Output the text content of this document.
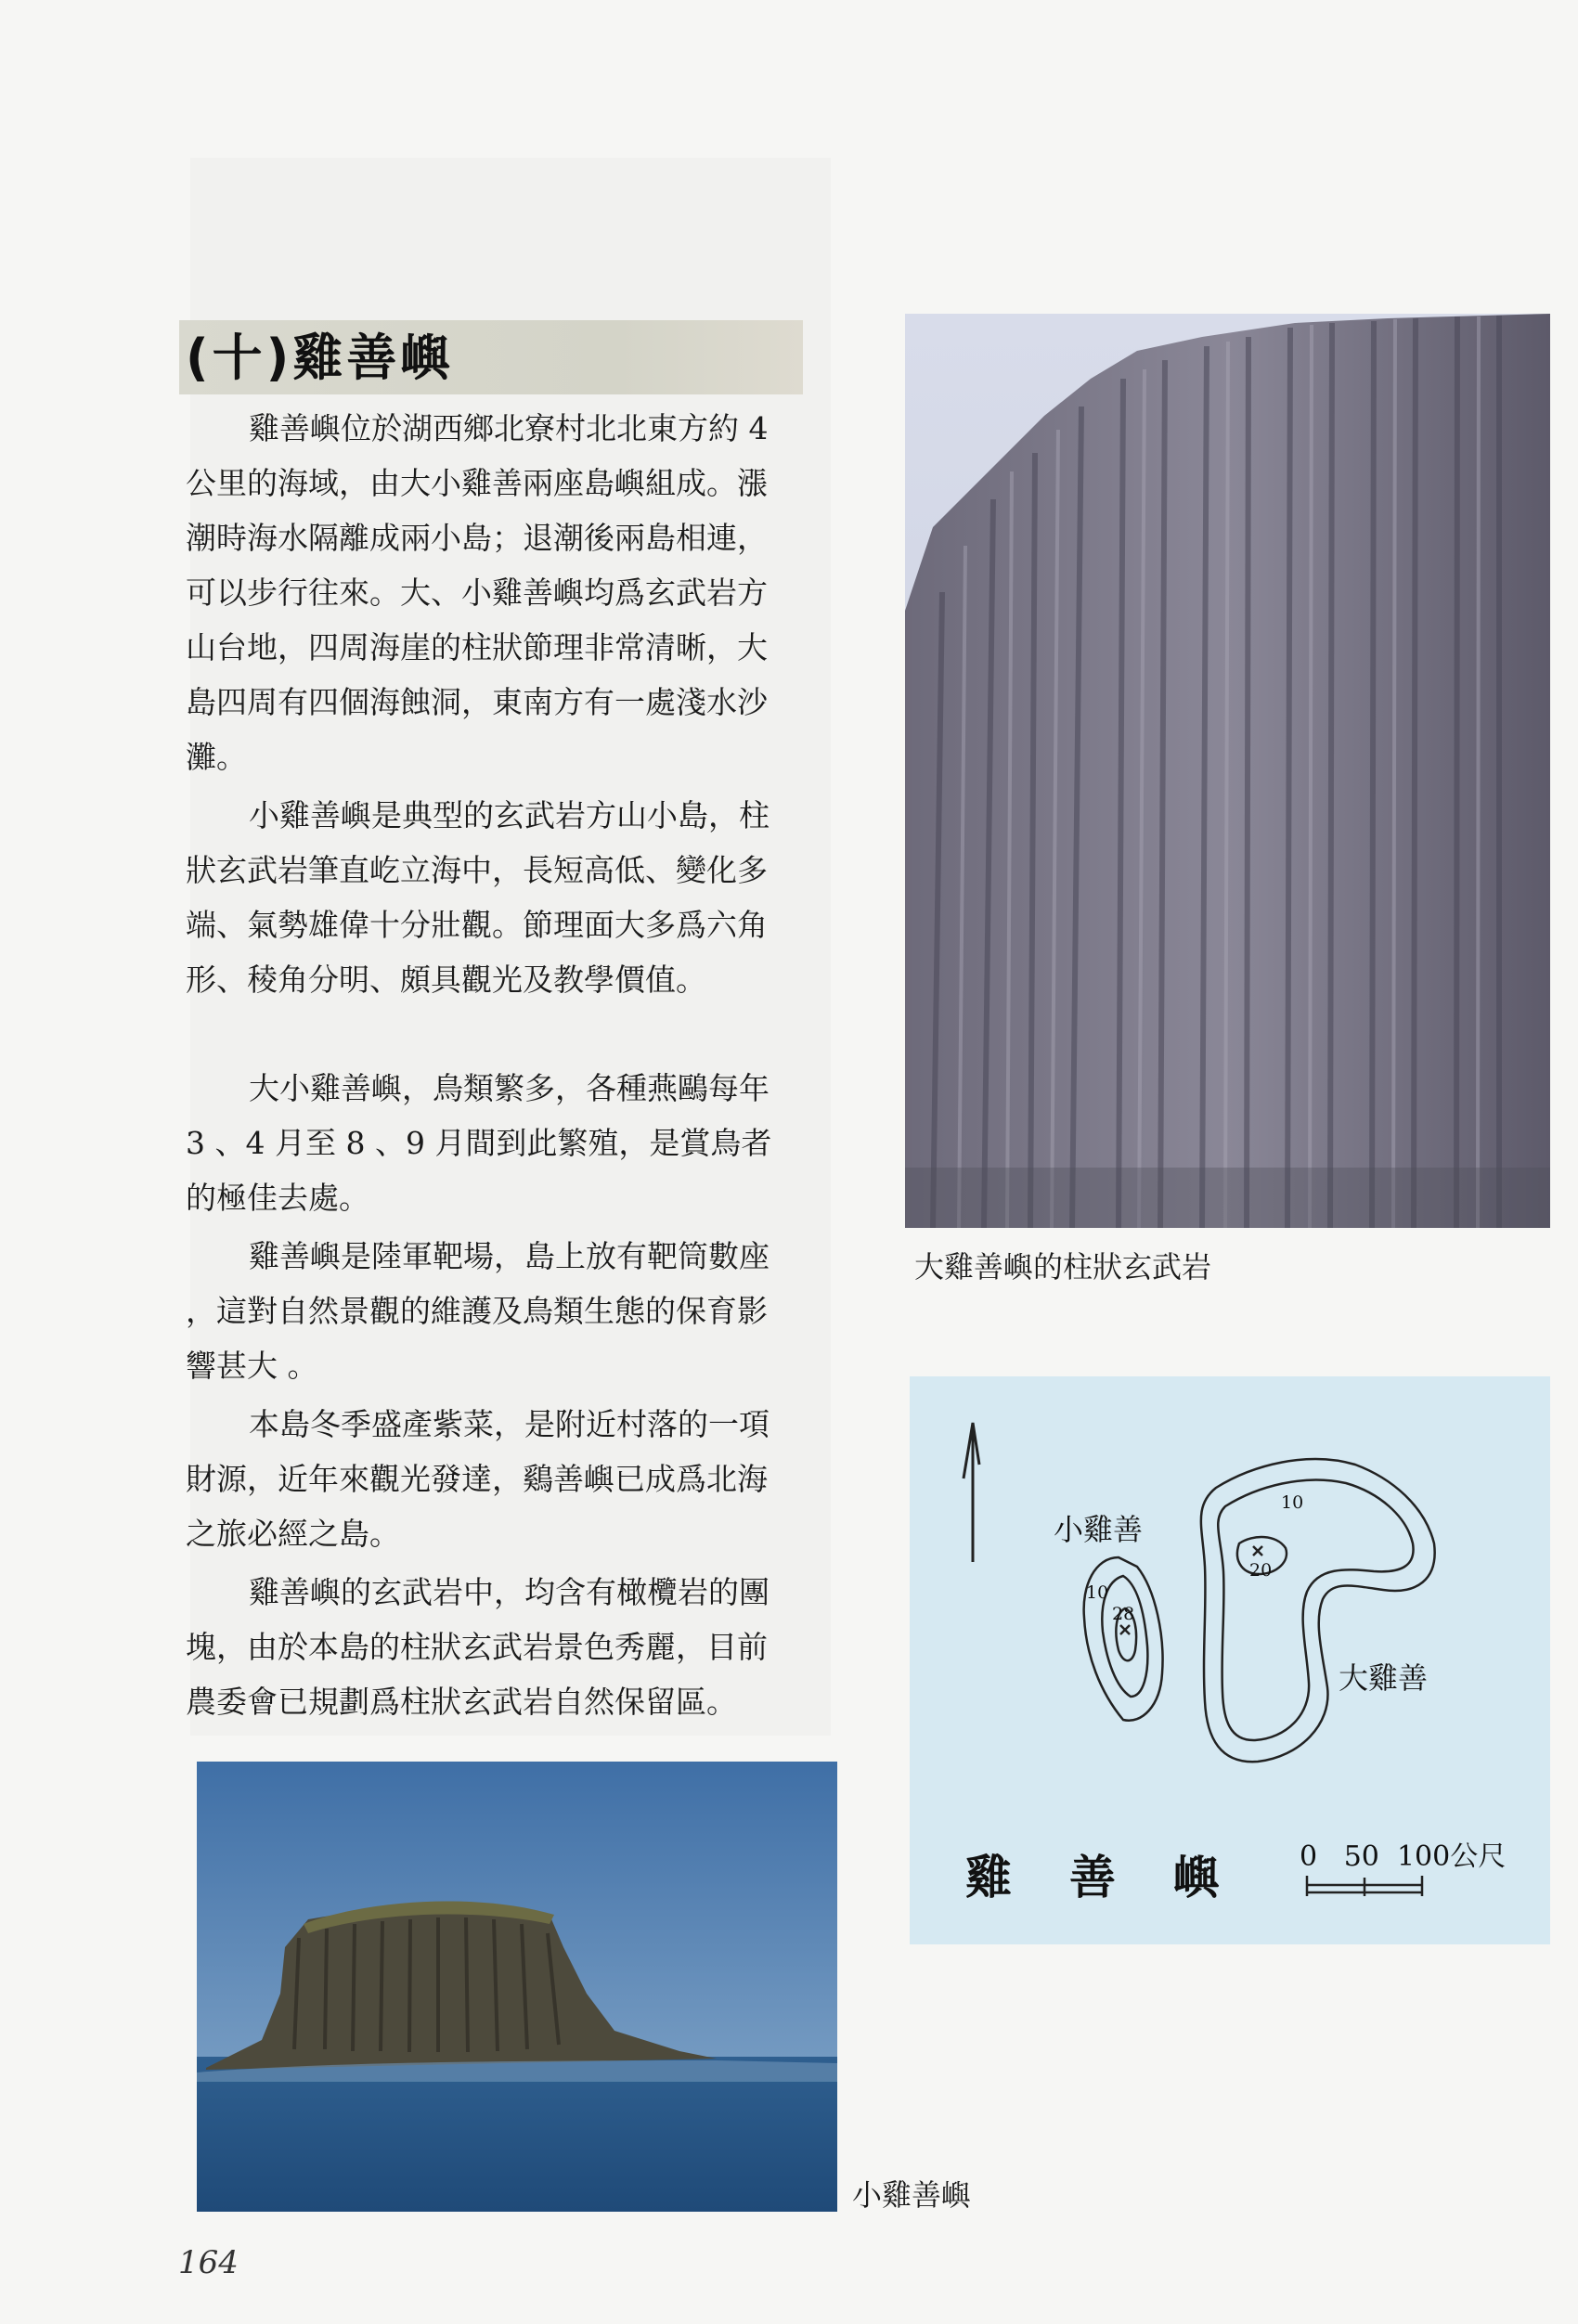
(十)雞善嶼

雞善嶼位於湖西鄉北寮村北北東方約 4
公里的海域，由大小雞善兩座島嶼組成。漲
潮時海水隔離成兩小島；退潮後兩島相連，
可以步行往來。大、小雞善嶼均爲玄武岩方
山台地，四周海崖的柱狀節理非常清晰，大
島四周有四個海蝕洞，東南方有一處淺水沙
灘。

小雞善嶼是典型的玄武岩方山小島，柱
狀玄武岩筆直屹立海中，長短高低、變化多
端、氣勢雄偉十分壯觀。節理面大多爲六角
形、稜角分明、頗具觀光及教學價值。

大小雞善嶼，鳥類繁多，各種燕鷗每年
3 、4 月至 8 、9 月間到此繁殖，是賞鳥者
的極佳去處。

雞善嶼是陸軍靶場，島上放有靶筒數座
，這對自然景觀的維護及鳥類生態的保育影
響甚大 。

本島冬季盛產紫菜，是附近村落的一項
財源，近年來觀光發達，鷄善嶼已成爲北海
之旅必經之島。

雞善嶼的玄武岩中，均含有橄欖岩的團
塊，由於本島的柱狀玄武岩景色秀麗，目前
農委會已規劃爲柱狀玄武岩自然保留區。

大雞善嶼的柱狀玄武岩
小雞善
大雞善
10
28
10
20
雞善嶼 0   50  100公尺
小雞善嶼
164
